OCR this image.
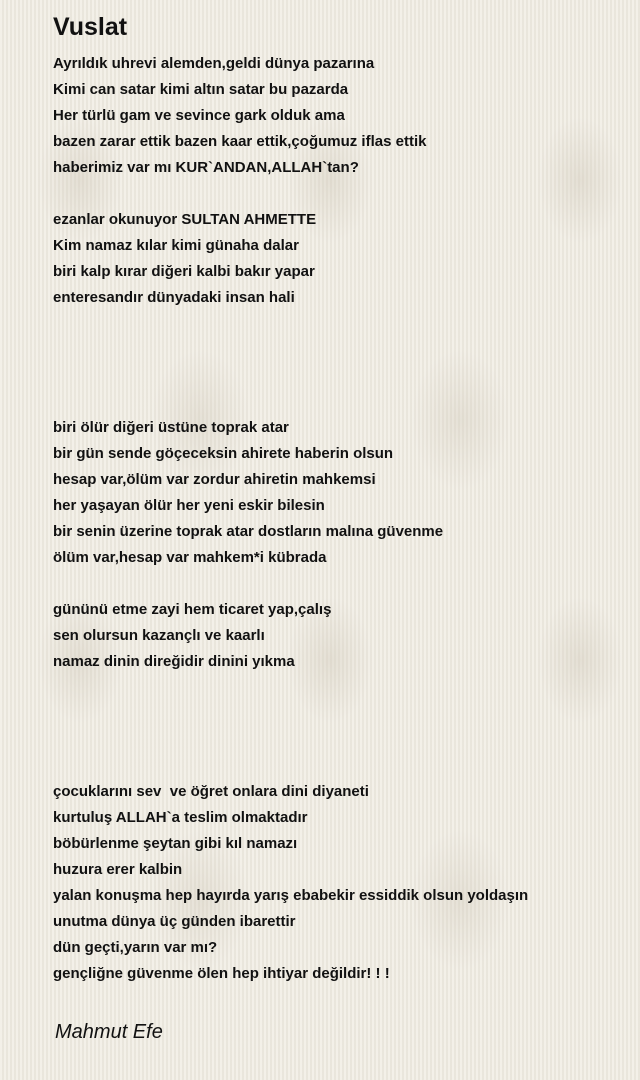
Vuslat
Ayrıldık uhrevi alemden,geldi dünya pazarına
Kimi can satar kimi altın satar bu pazarda
Her türlü gam ve sevince gark olduk ama
bazen zarar ettik bazen kaar ettik,çoğumuz iflas ettik
haberimiz var mı KUR`ANDAN,ALLAH`tan?
ezanlar okunuyor SULTAN AHMETTE
Kim namaz kılar kimi günaha dalar
biri kalp kırar diğeri kalbi bakır yapar
enteresandır dünyadaki insan hali
biri ölür diğeri üstüne toprak atar
bir gün sende göçeceksin ahirete haberin olsun
hesap var,ölüm var zordur ahiretin mahkemsi
her yaşayan ölür her yeni eskir bilesin
bir senin üzerine toprak atar dostların malına güvenme
ölüm var,hesap var mahkem*i kübrada
gününü etme zayi hem ticaret yap,çalış
sen olursun kazançlı ve kaarlı
namaz dinin direğidir dinini yıkma
çocuklarını sev  ve öğret onlara dini diyaneti
kurtuluş ALLAH`a teslim olmaktadır
böbürlenme şeytan gibi kıl namazı
huzura erer kalbin
yalan konuşma hep hayırda yarış ebabekir essiddik olsun yoldaşın
unutma dünya üç günden ibarettir
dün geçti,yarın var mı?
gençliğne güvenme ölen hep ihtiyar değildir! ! !
Mahmut Efe
